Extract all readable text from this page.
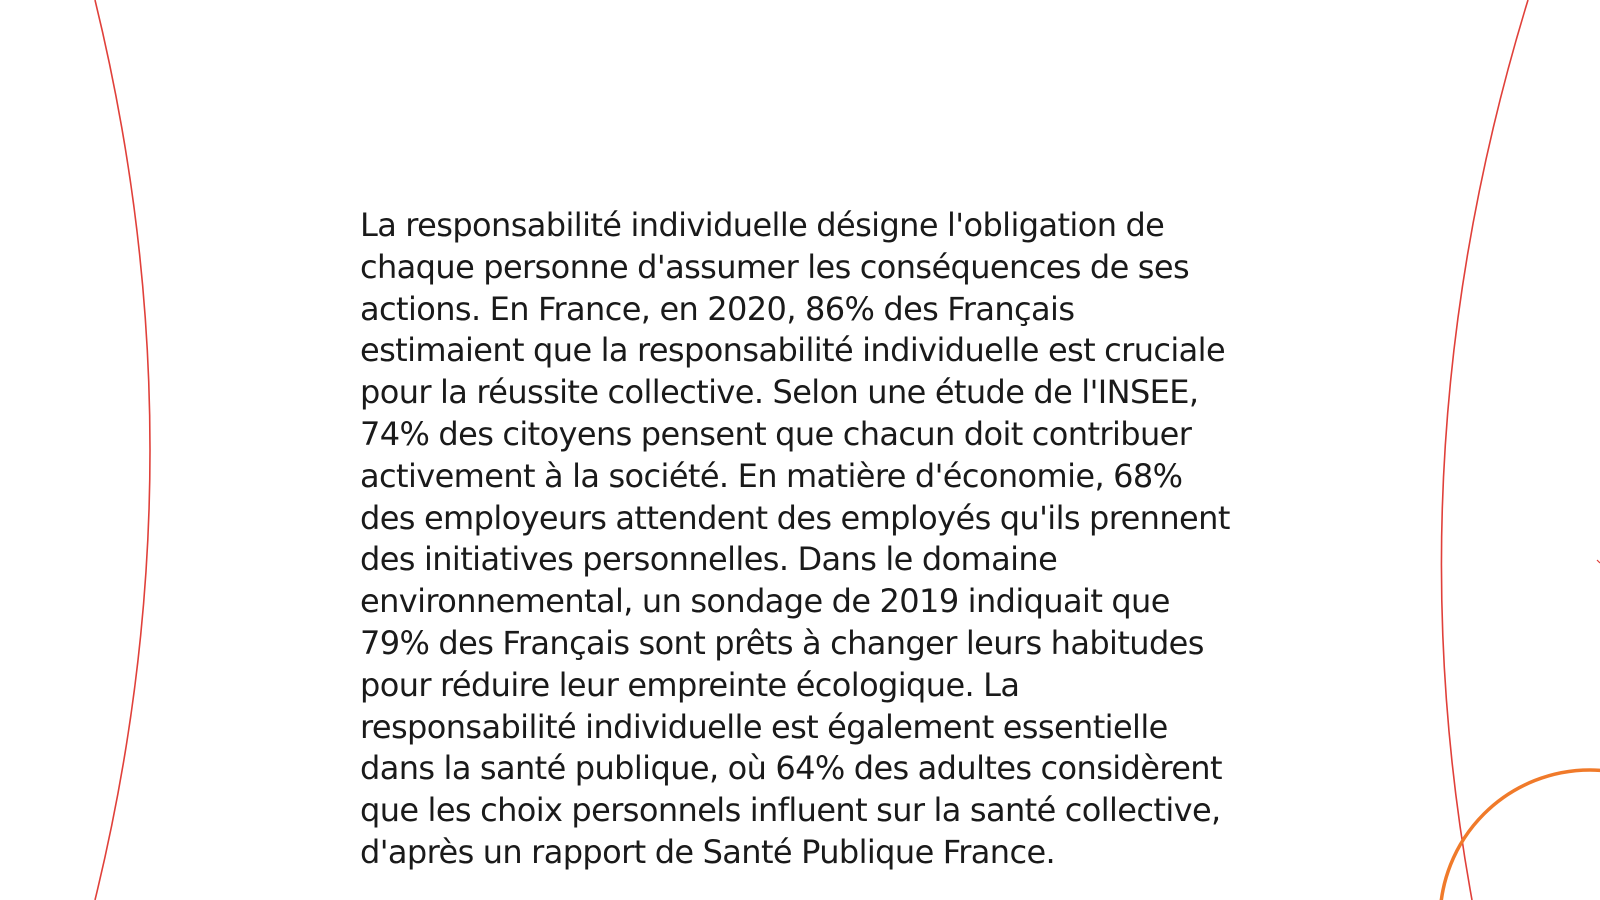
La responsabilité individuelle désigne l'obligation de chaque personne d'assumer les conséquences de ses actions. En France, en 2020, 86% des Français estimaient que la responsabilité individuelle est cruciale pour la réussite collective. Selon une étude de l'INSEE, 74% des citoyens pensent que chacun doit contribuer activement à la société. En matière d'économie, 68% des employeurs attendent des employés qu'ils prennent des initiatives personnelles. Dans le domaine environnemental, un sondage de 2019 indiquait que 79% des Français sont prêts à changer leurs habitudes pour réduire leur empreinte écologique. La responsabilité individuelle est également essentielle dans la santé publique, où 64% des adultes considèrent que les choix personnels influent sur la santé collective, d'après un rapport de Santé Publique France.
